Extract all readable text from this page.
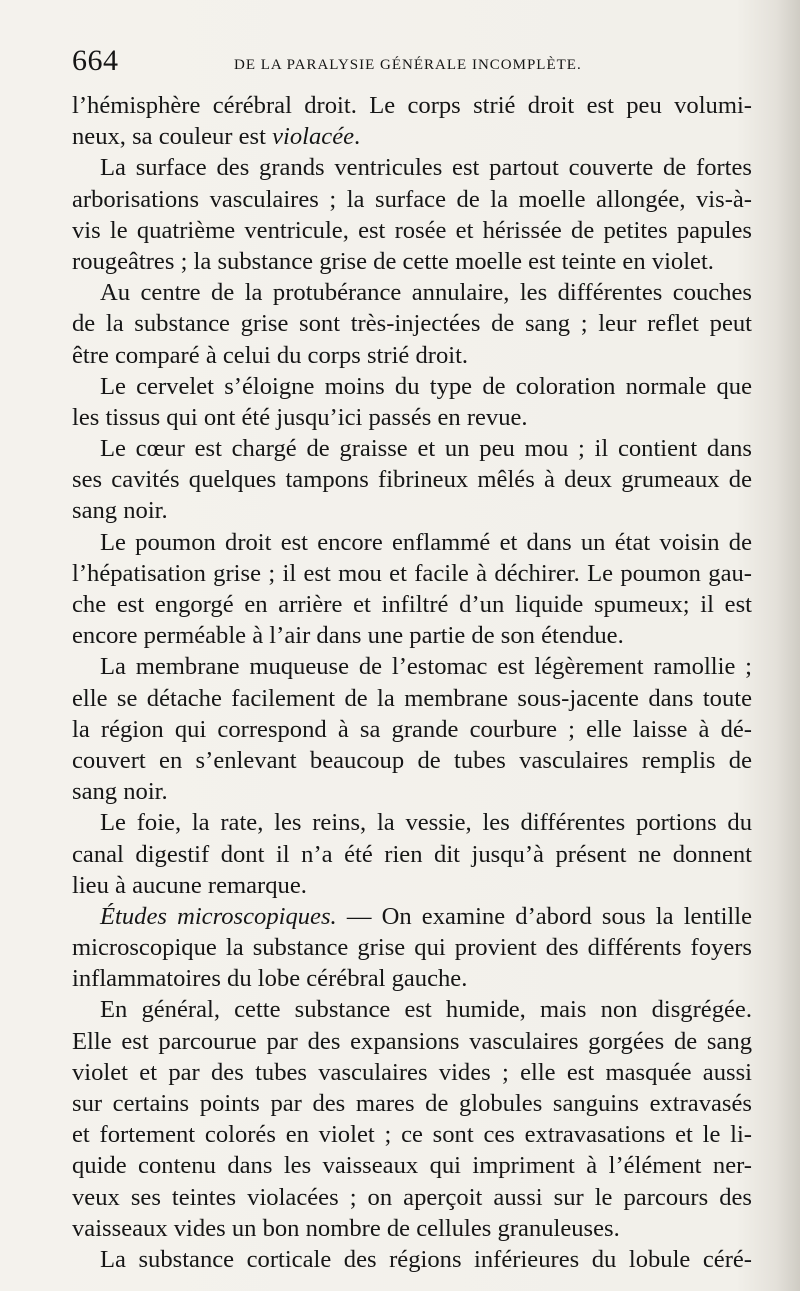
664	DE LA PARALYSIE GÉNÉRALE INCOMPLÈTE.
l’hémisphère cérébral droit. Le corps strié droit est peu volumi-
neux, sa couleur est violacée.
La surface des grands ventricules est partout couverte de fortes
arborisations vasculaires ; la surface de la moelle allongée, vis-à-
vis le quatrième ventricule, est rosée et hérissée de petites papules
rougeâtres ; la substance grise de cette moelle est teinte en violet.
Au centre de la protubérance annulaire, les différentes couches
de la substance grise sont très-injectées de sang ; leur reflet peut
être comparé à celui du corps strié droit.
Le cervelet s’éloigne moins du type de coloration normale que
les tissus qui ont été jusqu’ici passés en revue.
Le cœur est chargé de graisse et un peu mou ; il contient dans
ses cavités quelques tampons fibrineux mêlés à deux grumeaux de
sang noir.
Le poumon droit est encore enflammé et dans un état voisin de
l’hépatisation grise ; il est mou et facile à déchirer. Le poumon gau-
che est engorgé en arrière et infiltré d’un liquide spumeux; il est
encore perméable à l’air dans une partie de son étendue.
La membrane muqueuse de l’estomac est légèrement ramollie ;
elle se détache facilement de la membrane sous-jacente dans toute
la région qui correspond à sa grande courbure ; elle laisse à dé-
couvert en s’enlevant beaucoup de tubes vasculaires remplis de
sang noir.
Le foie, la rate, les reins, la vessie, les différentes portions du
canal digestif dont il n’a été rien dit jusqu’à présent ne donnent
lieu à aucune remarque.
Études microscopiques. — On examine d’abord sous la lentille
microscopique la substance grise qui provient des différents foyers
inflammatoires du lobe cérébral gauche.
En général, cette substance est humide, mais non disgrégée.
Elle est parcourue par des expansions vasculaires gorgées de sang
violet et par des tubes vasculaires vides ; elle est masquée aussi
sur certains points par des mares de globules sanguins extravasés
et fortement colorés en violet ; ce sont ces extravasations et le li-
quide contenu dans les vaisseaux qui impriment à l’élément ner-
veux ses teintes violacées ; on aperçoit aussi sur le parcours des
vaisseaux vides un bon nombre de cellules granuleuses.
La substance corticale des régions inférieures du lobule céré-
